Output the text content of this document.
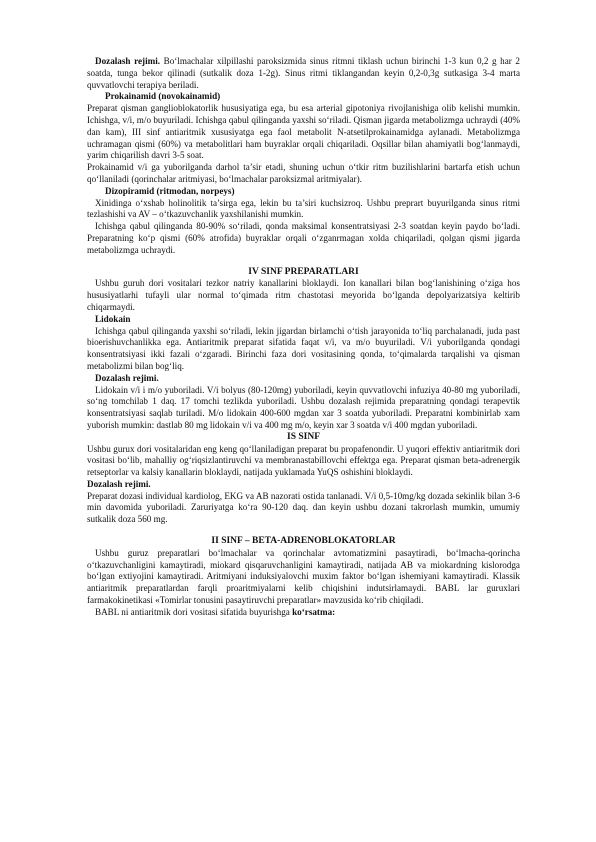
Dozalash rejimi. Bo‘lmachalar xilpillashi paroksizmida sinus ritmni tiklash uchun birinchi 1-3 kun 0,2 g har 2 soatda, tunga bekor qilinadi (sutkalik doza 1-2g). Sinus ritmi tiklangandan keyin 0,2-0,3g sutkasiga 3-4 marta quvvatlovchi terapiya beriladi.

Prokainamid (novokainamid)

Preparat qisman ganglioblokatorlik hususiyatiga ega, bu esa arterial gipotoniya rivojlanishiga olib kelishi mumkin. Ichishga, v/i, m/o buyuriladi. Ichishga qabul qilinganda yaxshi so‘riladi. Qisman jigarda metabolizmga uchraydi (40% dan kam), III sinf antiaritmik xususiyatga ega faol metabolit N-atsetilprokainamidga aylanadi. Metabolizmga uchramagan qismi (60%) va metabolitlari ham buyraklar orqali chiqariladi. Oqsillar bilan ahamiyatli bog‘lanmaydi, yarim chiqarilish davri 3-5 soat.

Prokainamid v/i ga yuborilganda darhol ta’sir etadi, shuning uchun o‘tkir ritm buzilishlarini bartarfa etish uchun qo‘llaniladi (qorinchalar aritmiyasi, bo‘lmachalar paroksizmal aritmiyalar).

Dizopiramid (ritmodan, norpeys)

Xinidinga o‘xshab holinolitik ta’sirga ega, lekin bu ta’siri kuchsizroq. Ushbu preprart buyurilganda sinus ritmi tezlashishi va AV – o‘tkazuvchanlik yaxshilanishi mumkin.

Ichishga qabul qilinganda 80-90% so‘riladi, qonda maksimal konsentratsiyasi 2-3 soatdan keyin paydo bo‘ladi. Preparatning ko‘p qismi (60% atrofida) buyraklar orqali o‘zganrmagan xolda chiqariladi, qolgan qismi jigarda metabolizmga uchraydi.

IV SINF PREPARATLARI

Ushbu guruh dori vositalari tezkor natriy kanallarini bloklaydi. Ion kanallari bilan bog‘lanishining o‘ziga hos hususiyatlarhi tufayli ular normal to‘qimada ritm chastotasi meyorida bo‘lganda depolyarizatsiya keltirib chiqarmaydi.

Lidokain

Ichishga qabul qilinganda yaxshi so‘riladi, lekin jigardan birlamchi o‘tish jarayonida to‘liq parchalanadi, juda past bioerishuvchanlikka ega. Antiaritmik preparat sifatida faqat v/i, va m/o buyuriladi. V/i yuborilganda qondagi konsentratsiyasi ikki fazali o‘zgaradi. Birinchi faza dori vositasining qonda, to‘qimalarda tarqalishi va qisman metabolizmi bilan bog‘liq.

Dozalash rejimi.

Lidokain v/i i m/o yuboriladi. V/i bolyus (80-120mg) yuboriladi, keyin quvvatlovchi infuziya 40-80 mg yuboriladi, so‘ng tomchilab 1 daq. 17 tomchi tezlikda yuboriladi. Ushbu dozalash rejimida preparatning qondagi terapevtik konsentratsiyasi saqlab turiladi. M/o lidokain 400-600 mgdan xar 3 soatda yuboriladi. Preparatni kombinirlab xam yuborish mumkin: dastlab 80 mg lidokain v/i va 400 mg m/o, keyin xar 3 soatda v/i 400 mgdan yuboriladi.

IS SINF

Ushbu gurux dori vositalaridan eng keng qo‘llaniladigan preparat bu propafenondir. U yuqori effektiv antiaritmik dori vositasi bo‘lib, mahalliy og‘riqsizlantiruvchi va membranastabillovchi effektga ega. Preparat qisman beta-adrenergik retseptorlar va kalsiy kanallarin bloklaydi, natijada yuklamada YuQS oshishini bloklaydi.

Dozalash rejimi.

Preparat dozasi individual kardiolog, EKG va AB nazorati ostida tanlanadi. V/i 0,5-10mg/kg dozada sekinlik bilan 3-6 min davomida yuboriladi. Zaruriyatga ko‘ra 90-120 daq. dan keyin ushbu dozani takrorlash mumkin, umumiy sutkalik doza 560 mg.

II SINF – BETA-ADRENOBLOKATORLAR

Ushbu guruz preparatlari bo‘lmachalar va qorinchalar avtomatizmini pasaytiradi, bo‘lmacha-qorincha o‘tkazuvchanligini kamaytiradi, miokard qisqaruvchanligini kamaytiradi, natijada AB va miokardning kislorodga bo‘lgan extiyojini kamaytiradi. Aritmiyani induksiyalovchi muxim faktor bo‘lgan ishemiyani kamaytiradi. Klassik antiaritmik preparatlardan farqli proaritmiyalarni kelib chiqishini indutsirlamaydi. BABL lar guruxlari farmakokinetikasi «Tomirlar tonusini pasaytiruvchi preparatlar» mavzusida ko‘rib chiqiladi.

BABL ni antiaritmik dori vositasi sifatida buyurishga ko‘rsatma:
